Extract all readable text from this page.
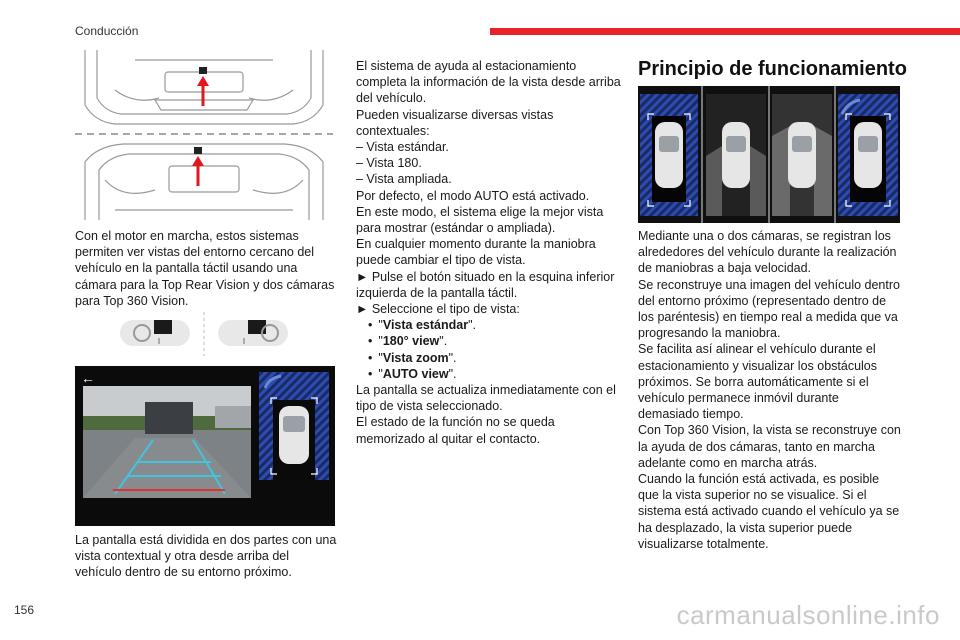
Conducción

Con el motor en marcha, estos sistemas permiten ver vistas del entorno cercano del vehículo en la pantalla táctil usando una cámara para la Top Rear Vision y dos cámaras para Top 360 Vision.

←

La pantalla está dividida en dos partes con una vista contextual y otra desde arriba del vehículo dentro de su entorno próximo.

El sistema de ayuda al estacionamiento completa la información de la vista desde arriba del vehículo.

Pueden visualizarse diversas vistas contextuales:

– Vista estándar.

– Vista 180.

– Vista ampliada.

Por defecto, el modo AUTO está activado.

En este modo, el sistema elige la mejor vista para mostrar (estándar o ampliada).

En cualquier momento durante la maniobra puede cambiar el tipo de vista.

► Pulse el botón situado en la esquina inferior izquierda de la pantalla táctil.

► Seleccione el tipo de vista:

• "Vista estándar".
• "180° view".
• "Vista zoom".
• "AUTO view".

La pantalla se actualiza inmediatamente con el tipo de vista seleccionado.

El estado de la función no se queda memorizado al quitar el contacto.

Principio de funcionamiento

Mediante una o dos cámaras, se registran los alrededores del vehículo durante la realización de maniobras a baja velocidad.

Se reconstruye una imagen del vehículo dentro del entorno próximo (representado dentro de los paréntesis) en tiempo real a medida que va progresando la maniobra.

Se facilita así alinear el vehículo durante el estacionamiento y visualizar los obstáculos próximos. Se borra automáticamente si el vehículo permanece inmóvil durante demasiado tiempo.

Con Top 360 Vision, la vista se reconstruye con la ayuda de dos cámaras, tanto en marcha adelante como en marcha atrás.

Cuando la función está activada, es posible que la vista superior no se visualice. Si el sistema está activado cuando el vehículo ya se ha desplazado, la vista superior puede visualizarse totalmente.

156	carmanualsonline.info
